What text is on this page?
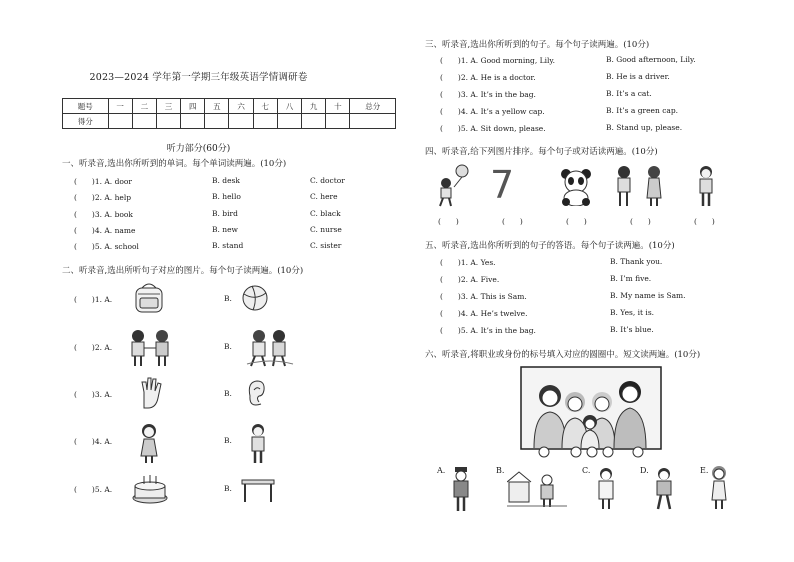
2023—2024 学年第一学期三年级英语学情调研卷
题号	一	二	三	四	五	六	七	八	九	十	总分
得分											
听力部分(60分)
一、听录音,选出你所听到的单词。每个单词读两遍。(10分)
(　　)1. A. door	B. desk	C. doctor
(　　)2. A. help	B. hello	C. here
(　　)3. A. book	B. bird	C. black
(　　)4. A. name	B. new	C. nurse
(　　)5. A. school	B. stand	C. sister
二、听录音,选出所听句子对应的图片。每个句子读两遍。(10分)
(　　)1. A.	B.
(　　)2. A.	B.
(　　)3. A.	B.
(　　)4. A.	B.
(　　)5. A.	B.
三、听录音,选出你所听到的句子。每个句子读两遍。(10分)
(　　)1. A. Good morning, Lily.	B. Good afternoon, Lily.
(　　)2. A. He is a doctor.	B. He is a driver.
(　　)3. A. It’s in the bag.	B. It’s a cat.
(　　)4. A. It’s a yellow cap.	B. It’s a green cap.
(　　)5. A. Sit down, please.	B. Stand up, please.
四、听录音,给下列图片排序。每个句子或对话读两遍。(10分)
7
(　　)	(　　)	(　　)	(　　)	(　　)
五、听录音,选出你所听到的句子的答语。每个句子读两遍。(10分)
(　　)1. A. Yes.	B. Thank you.
(　　)2. A. Five.	B. I’m five.
(　　)3. A. This is Sam.	B. My name is Sam.
(　　)4. A. He’s twelve.	B. Yes, it is.
(　　)5. A. It’s in the bag.	B. It’s blue.
六、听录音,将职业或身份的标号填入对应的圆圈中。短文读两遍。(10分)
A.	B.	C.	D.	E.
